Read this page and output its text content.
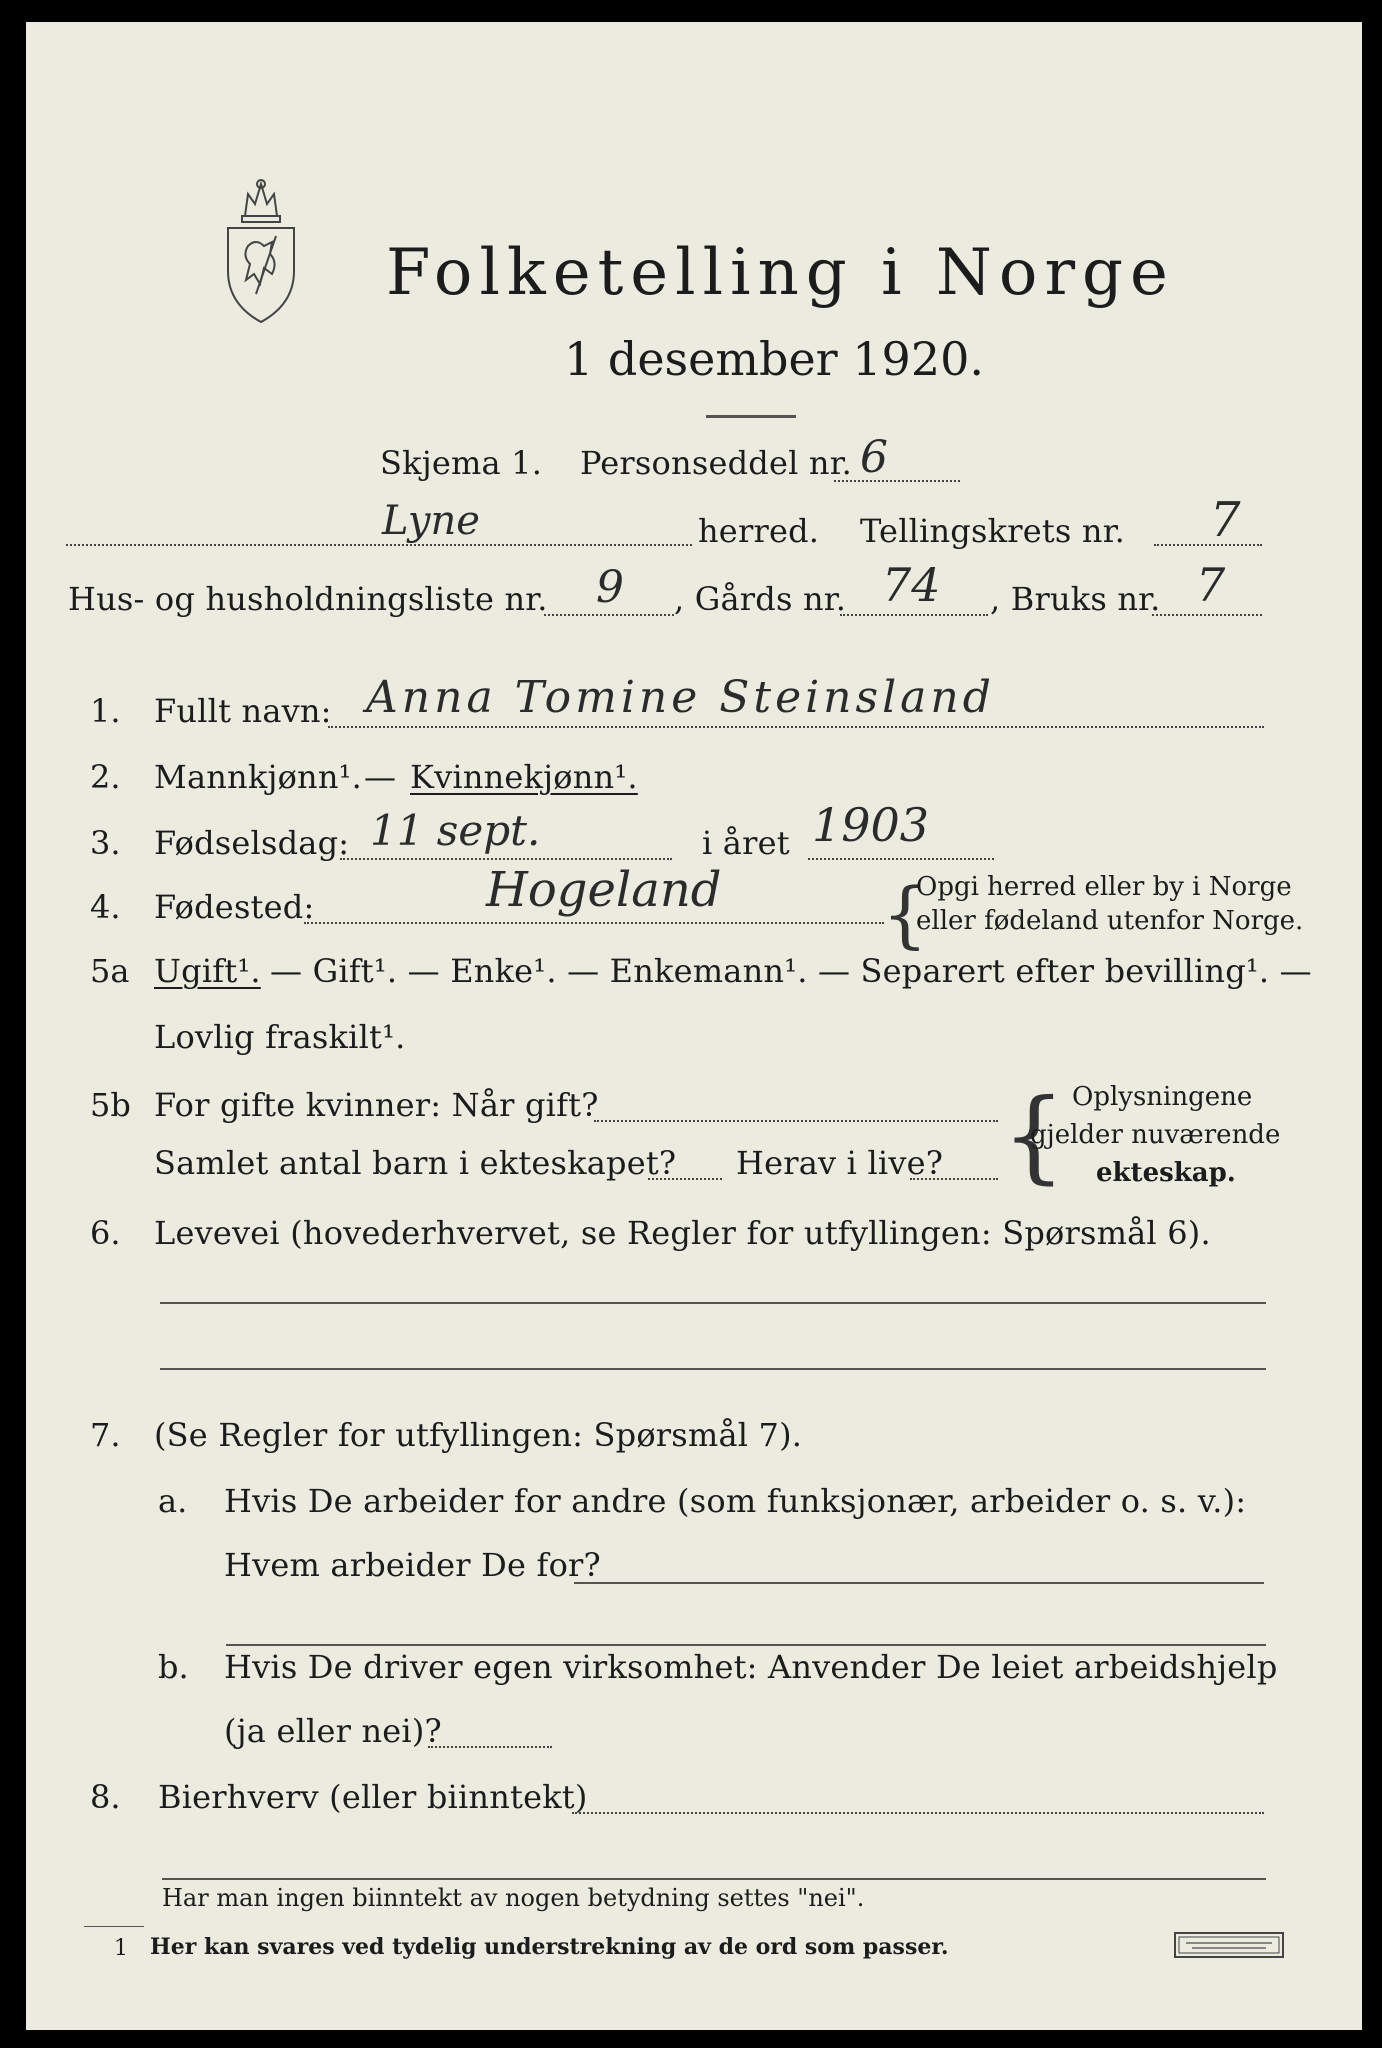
Folketelling i Norge
1 desember 1920.
Skjema 1. Personseddel nr. 6
Lyne	herred. Tellingskrets nr. 7
Hus- og husholdningsliste nr. 9 , Gårds nr. 74 , Bruks nr. 7
1. Fullt navn: Anna Tomine Steinsland
2. Mannkjønn¹. — Kvinnekjønn¹.
3. Fødselsdag: 11 sept.	i året 1903
4. Fødested:	Hogeland {
Opgi herred eller by i Norge
eller fødeland utenfor Norge.
5a Ugift¹. — Gift¹. — Enke¹. — Enkemann¹. — Separert efter bevilling¹. —
Lovlig fraskilt¹.
5b For gifte kvinner: Når gift?
Samlet antal barn i ekteskapet? Herav i live? { Oplysningene
gjelder nuværende
ekteskap.
6. Levevei (hovederhvervet, se Regler for utfyllingen: Spørsmål 6).
7. (Se Regler for utfyllingen: Spørsmål 7).
a. Hvis De arbeider for andre (som funksjonær, arbeider o. s. v.):
Hvem arbeider De for?
b. Hvis De driver egen virksomhet: Anvender De leiet arbeidshjelp
(ja eller nei)?
8. Bierhverv (eller biinntekt)
Har man ingen biinntekt av nogen betydning settes "nei".
1 Her kan svares ved tydelig understrekning av de ord som passer.
